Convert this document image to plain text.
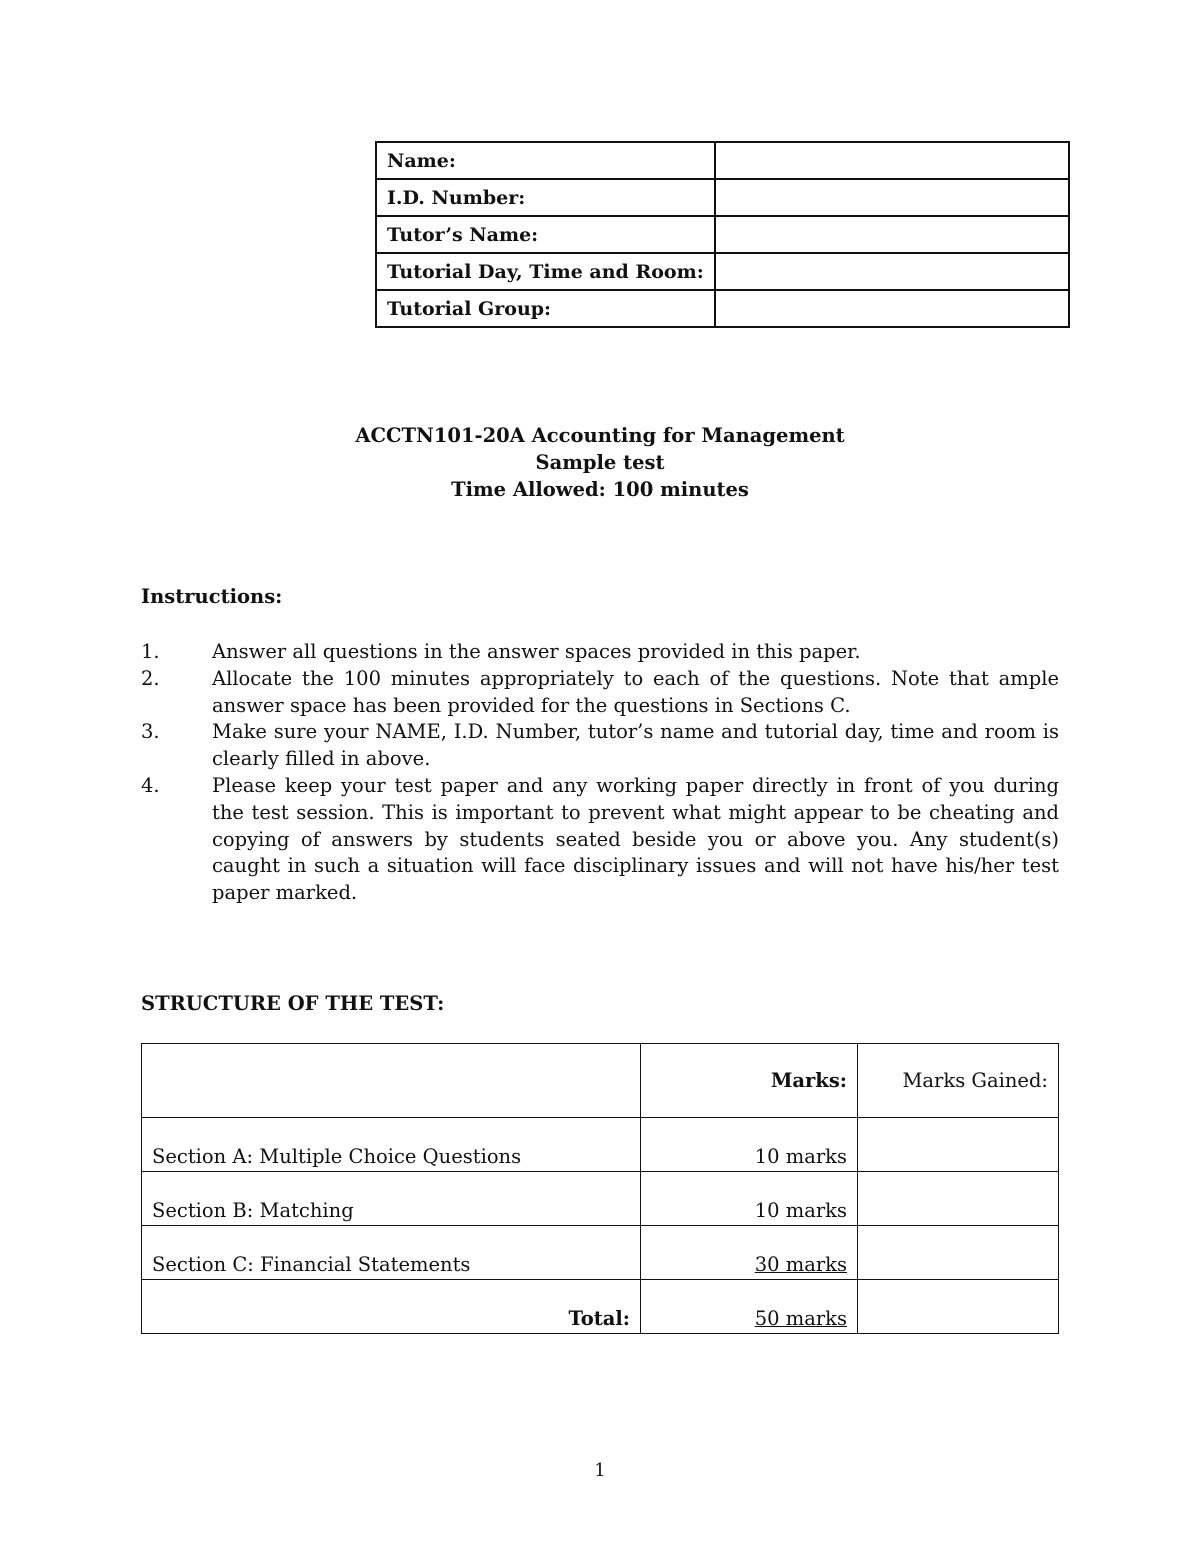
Name:	
I.D. Number:	
Tutor’s Name:	
Tutorial Day, Time and Room:	
Tutorial Group:	
ACCTN101-20A Accounting for Management
Sample test
Time Allowed: 100 minutes
Instructions:
1.	Answer all questions in the answer spaces provided in this paper.
2.	Allocate the 100 minutes appropriately to each of the questions. Note that ample answer space has been provided for the questions in Sections C.
3.	Make sure your NAME, I.D. Number, tutor’s name and tutorial day, time and room is clearly filled in above.
4.	Please keep your test paper and any working paper directly in front of you during the test session. This is important to prevent what might appear to be cheating and copying of answers by students seated beside you or above you. Any student(s) caught in such a situation will face disciplinary issues and will not have his/her test paper marked.
STRUCTURE OF THE TEST:
	Marks:	Marks Gained:
Section A: Multiple Choice Questions	10 marks	
Section B: Matching	10 marks	
Section C: Financial Statements	30 marks	
Total:	50 marks	
1
